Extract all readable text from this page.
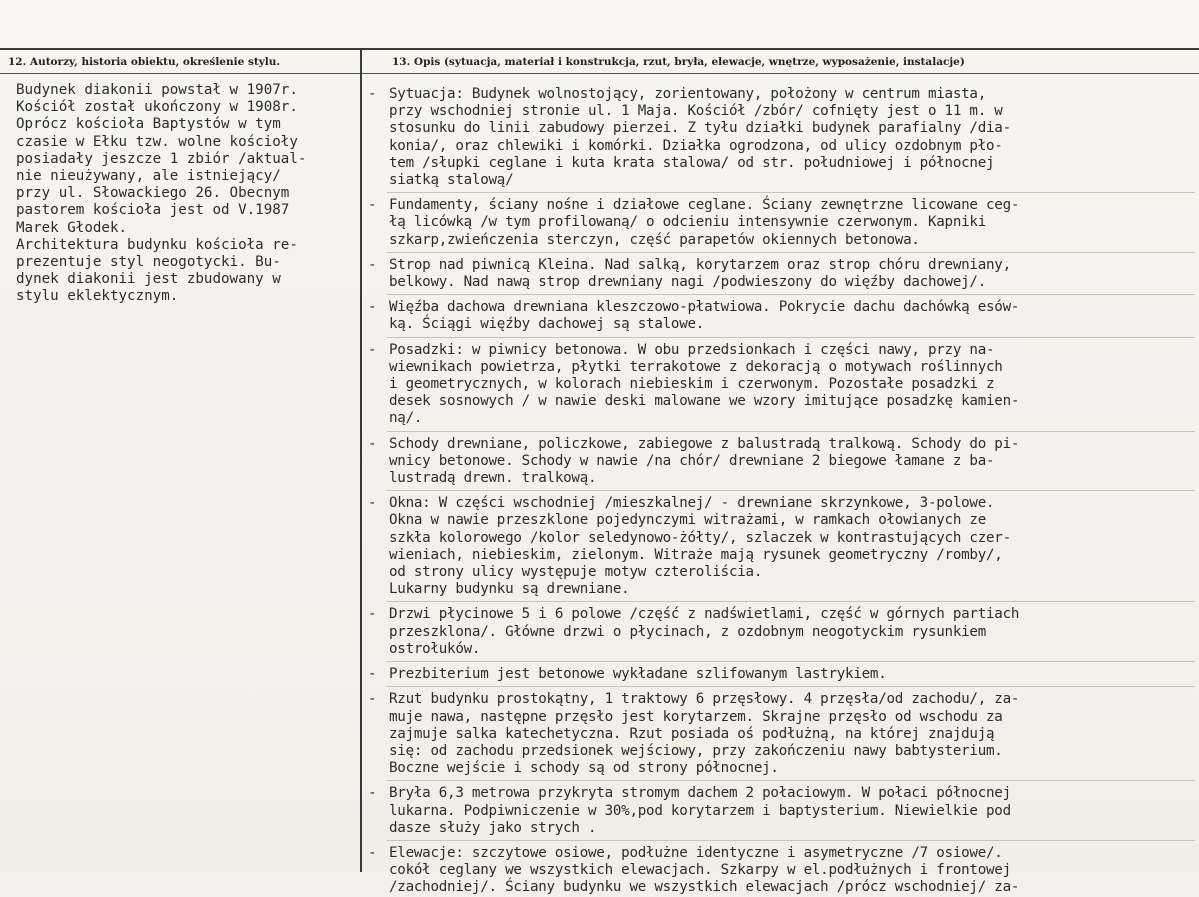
12. Autorzy, historia obiektu, określenie stylu.	13. Opis (sytuacja, materiał i konstrukcja, rzut, bryła, elewacje, wnętrze, wyposażenie, instalacje)
Budynek diakonii powstał w 1907r.
Kościół został ukończony w 1908r.
Oprócz kościoła Baptystów w tym
czasie w Ełku tzw. wolne kościoły
posiadały jeszcze 1 zbiór /aktual-
nie nieużywany, ale istniejący/
przy ul. Słowackiego 26. Obecnym
pastorem kościoła jest od V.1987
Marek Głodek.
Architektura budynku kościoła re-
prezentuje styl neogotycki. Bu-
dynek diakonii jest zbudowany w
stylu eklektycznym.
- Sytuacja: Budynek wolnostojący, zorientowany, położony w centrum miasta,
przy wschodniej stronie ul. 1 Maja. Kościół /zbór/ cofnięty jest o 11 m. w
stosunku do linii zabudowy pierzei. Z tyłu działki budynek parafialny /dia-
konia/, oraz chlewiki i komórki. Działka ogrodzona, od ulicy ozdobnym pło-
tem /słupki ceglane i kuta krata stalowa/ od str. południowej i północnej
siatką stalową/
- Fundamenty, ściany nośne i działowe ceglane. Ściany zewnętrzne licowane ceg-
łą licówką /w tym profilowaną/ o odcieniu intensywnie czerwonym. Kapniki
szkarp,zwieńczenia sterczyn, część parapetów okiennych betonowa.
- Strop nad piwnicą Kleina. Nad salką, korytarzem oraz strop chóru drewniany,
belkowy. Nad nawą strop drewniany nagi /podwieszony do więźby dachowej/.
- Więźba dachowa drewniana kleszczowo-płatwiowa. Pokrycie dachu dachówką esów-
ką. Ściągi więźby dachowej są stalowe.
- Posadzki: w piwnicy betonowa. W obu przedsionkach i części nawy, przy na-
wiewnikach powietrza, płytki terrakotowe z dekoracją o motywach roślinnych
i geometrycznych, w kolorach niebieskim i czerwonym. Pozostałe posadzki z
desek sosnowych / w nawie deski malowane we wzory imitujące posadzkę kamien-
ną/.
- Schody drewniane, policzkowe, zabiegowe z balustradą tralkową. Schody do pi-
wnicy betonowe. Schody w nawie /na chór/ drewniane 2 biegowe łamane z ba-
lustradą drewn. tralkową.
- Okna: W części wschodniej /mieszkalnej/ - drewniane skrzynkowe, 3-polowe.
Okna w nawie przeszklone pojedynczymi witrażami, w ramkach ołowianych ze
szkła kolorowego /kolor seledynowo-żółty/, szlaczek w kontrastujących czer-
wieniach, niebieskim, zielonym. Witraże mają rysunek geometryczny /romby/,
od strony ulicy występuje motyw czteroliścia.
Lukarny budynku są drewniane.
- Drzwi płycinowe 5 i 6 polowe /część z nadświetlami, część w górnych partiach
przeszklona/. Główne drzwi o płycinach, z ozdobnym neogotyckim rysunkiem
ostrołuków.
- Prezbiterium jest betonowe wykładane szlifowanym lastrykiem.
- Rzut budynku prostokątny, 1 traktowy 6 przęsłowy. 4 przęsła/od zachodu/, za-
muje nawa, następne przęsło jest korytarzem. Skrajne przęsło od wschodu za
zajmuje salka katechetyczna. Rzut posiada oś podłużną, na której znajdują
się: od zachodu przedsionek wejściowy, przy zakończeniu nawy babtysterium.
Boczne wejście i schody są od strony północnej.
- Bryła 6,3 metrowa przykryta stromym dachem 2 połaciowym. W połaci północnej
lukarna. Podpiwniczenie w 30%,pod korytarzem i baptysterium. Niewielkie pod
dasze służy jako strych .
- Elewacje: szczytowe osiowe, podłużne identyczne i asymetryczne /7 osiowe/.
cokół ceglany we wszystkich elewacjach. Szkarpy w el.podłużnych i frontowej
/zachodniej/. Ściany budynku we wszystkich elewacjach /prócz wschodniej/ za-
